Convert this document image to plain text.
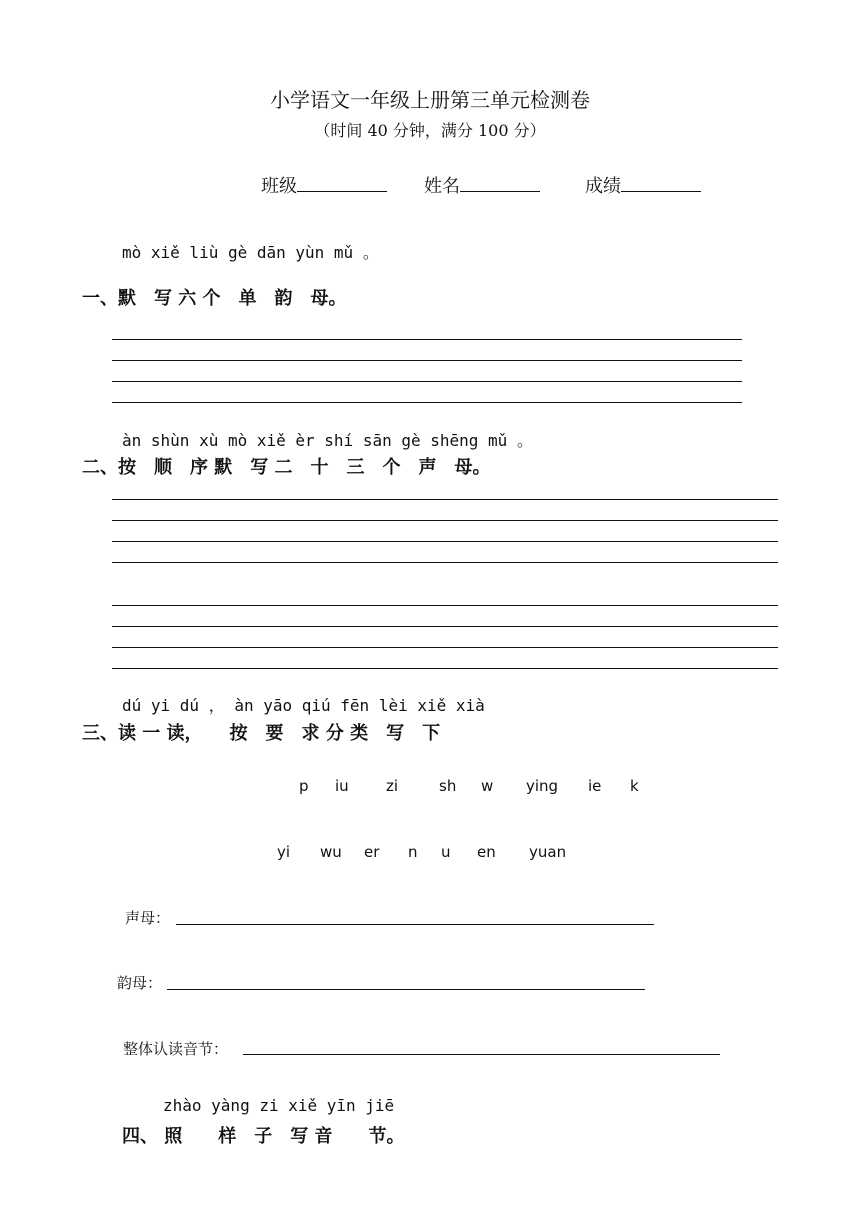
小学语文一年级上册第三单元检测卷
（时间 40 分钟，满分 100 分）
班级	姓名	成绩
mò xiě liù gè dān yùn mǔ 。
一、默　写 六 个　单　韵　母。
àn shùn xù mò xiě èr shí sān gè shēng mǔ 。
二、按　顺　序 默　写 二　十　三　个　声　母。
dú yi dú ， àn yāo qiú fēn lèi xiě xià
三、读 一 读，　　按　要　求 分 类　写　下
p iu zi	sh w ying ie k
yi wu er n u en yuan
声母：
韵母：
整体认读音节：
zhào yàng zi xiě yīn jiē
四、 照　　样　子　写 音　　节。
